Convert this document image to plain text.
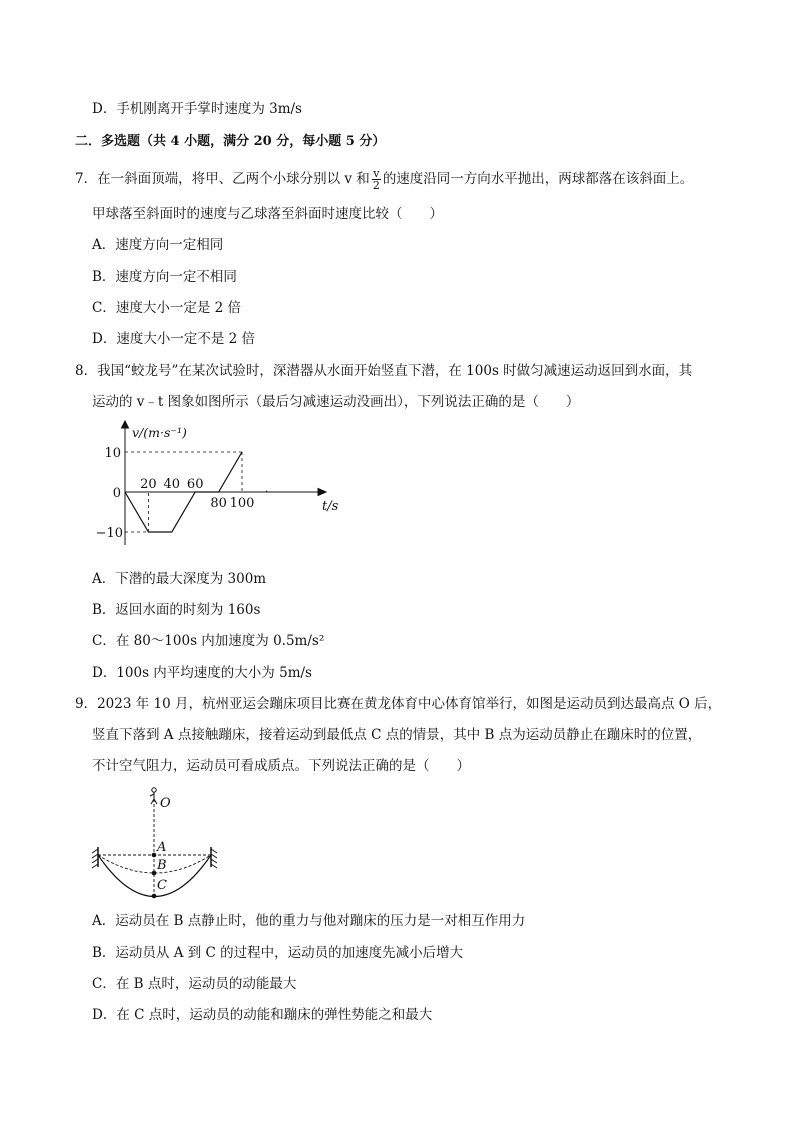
D．手机刚离开手掌时速度为 3m/s
二．多选题（共 4 小题，满分 20 分，每小题 5 分）
7．在一斜面顶端，将甲、乙两个小球分别以 v 和 $\frac{v}{2}$ 的速度沿同一方向水平抛出，两球都落在该斜面上。
甲球落至斜面时的速度与乙球落至斜面时速度比较（　　）
A．速度方向一定相同
B．速度方向一定不相同
C．速度大小一定是 2 倍
D．速度大小一定不是 2 倍
8．我国“蛟龙号”在某次试验时，深潜器从水面开始竖直下潜，在 100s 时做匀减速运动返回到水面，其
运动的 v﹣t 图象如图所示（最后匀减速运动没画出），下列说法正确的是（　　）
20 40 60
80 100
10
0
−10
v/(m·s⁻¹)
t/s
.
A．下潜的最大深度为 300m
B．返回水面的时刻为 160s
C．在 80～100s 内加速度为 0.5m/s²
D．100s 内平均速度的大小为 5m/s
9．2023 年 10 月，杭州亚运会蹦床项目比赛在黄龙体育中心体育馆举行，如图是运动员到达最高点 O 后，
竖直下落到 A 点接触蹦床，接着运动到最低点 C 点的情景，其中 B 点为运动员静止在蹦床时的位置，
不计空气阻力，运动员可看成质点。下列说法正确的是（　　）
O
A
B
C
A．运动员在 B 点静止时，他的重力与他对蹦床的压力是一对相互作用力
B．运动员从 A 到 C 的过程中，运动员的加速度先减小后增大
C．在 B 点时，运动员的动能最大
D．在 C 点时，运动员的动能和蹦床的弹性势能之和最大
